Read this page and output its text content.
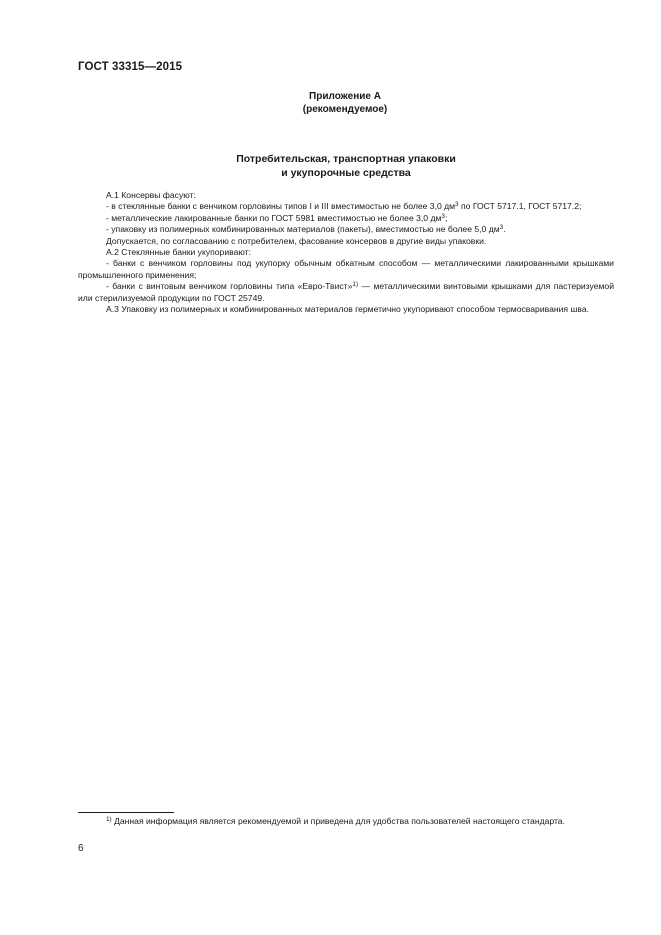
ГОСТ 33315—2015
Приложение А
(рекомендуемое)
Потребительская, транспортная упаковки
и укупорочные средства

А.1 Консервы фасуют:

- в стеклянные банки с венчиком горловины типов I и III вместимостью не более 3,0 $дм^3$ по ГОСТ 5717.1, ГОСТ 5717.2;

- металлические лакированные банки по ГОСТ 5981 вместимостью не более 3,0 $дм^3$;

- упаковку из полимерных комбинированных материалов (пакеты), вместимостью не более 5,0 $дм^3$.

Допускается, по согласованию с потребителем, фасование консервов в другие виды упаковки.

А.2 Стеклянные банки укупоривают:

- банки с венчиком горловины под укупорку обычным обкатным способом — металлическими лакированными крышками промышленного применения;

- банки с винтовым венчиком горловины типа «Евро-Твист»$^{1)}$ — металлическими винтовыми крышками для пастеризуемой или стерилизуемой продукции по ГОСТ 25749.

А.3 Упаковку из полимерных и комбинированных материалов герметично укупоривают способом термосваривания шва.

$^{1)}$ Данная информация является рекомендуемой и приведена для удобства пользователей настоящего стандарта.

6
